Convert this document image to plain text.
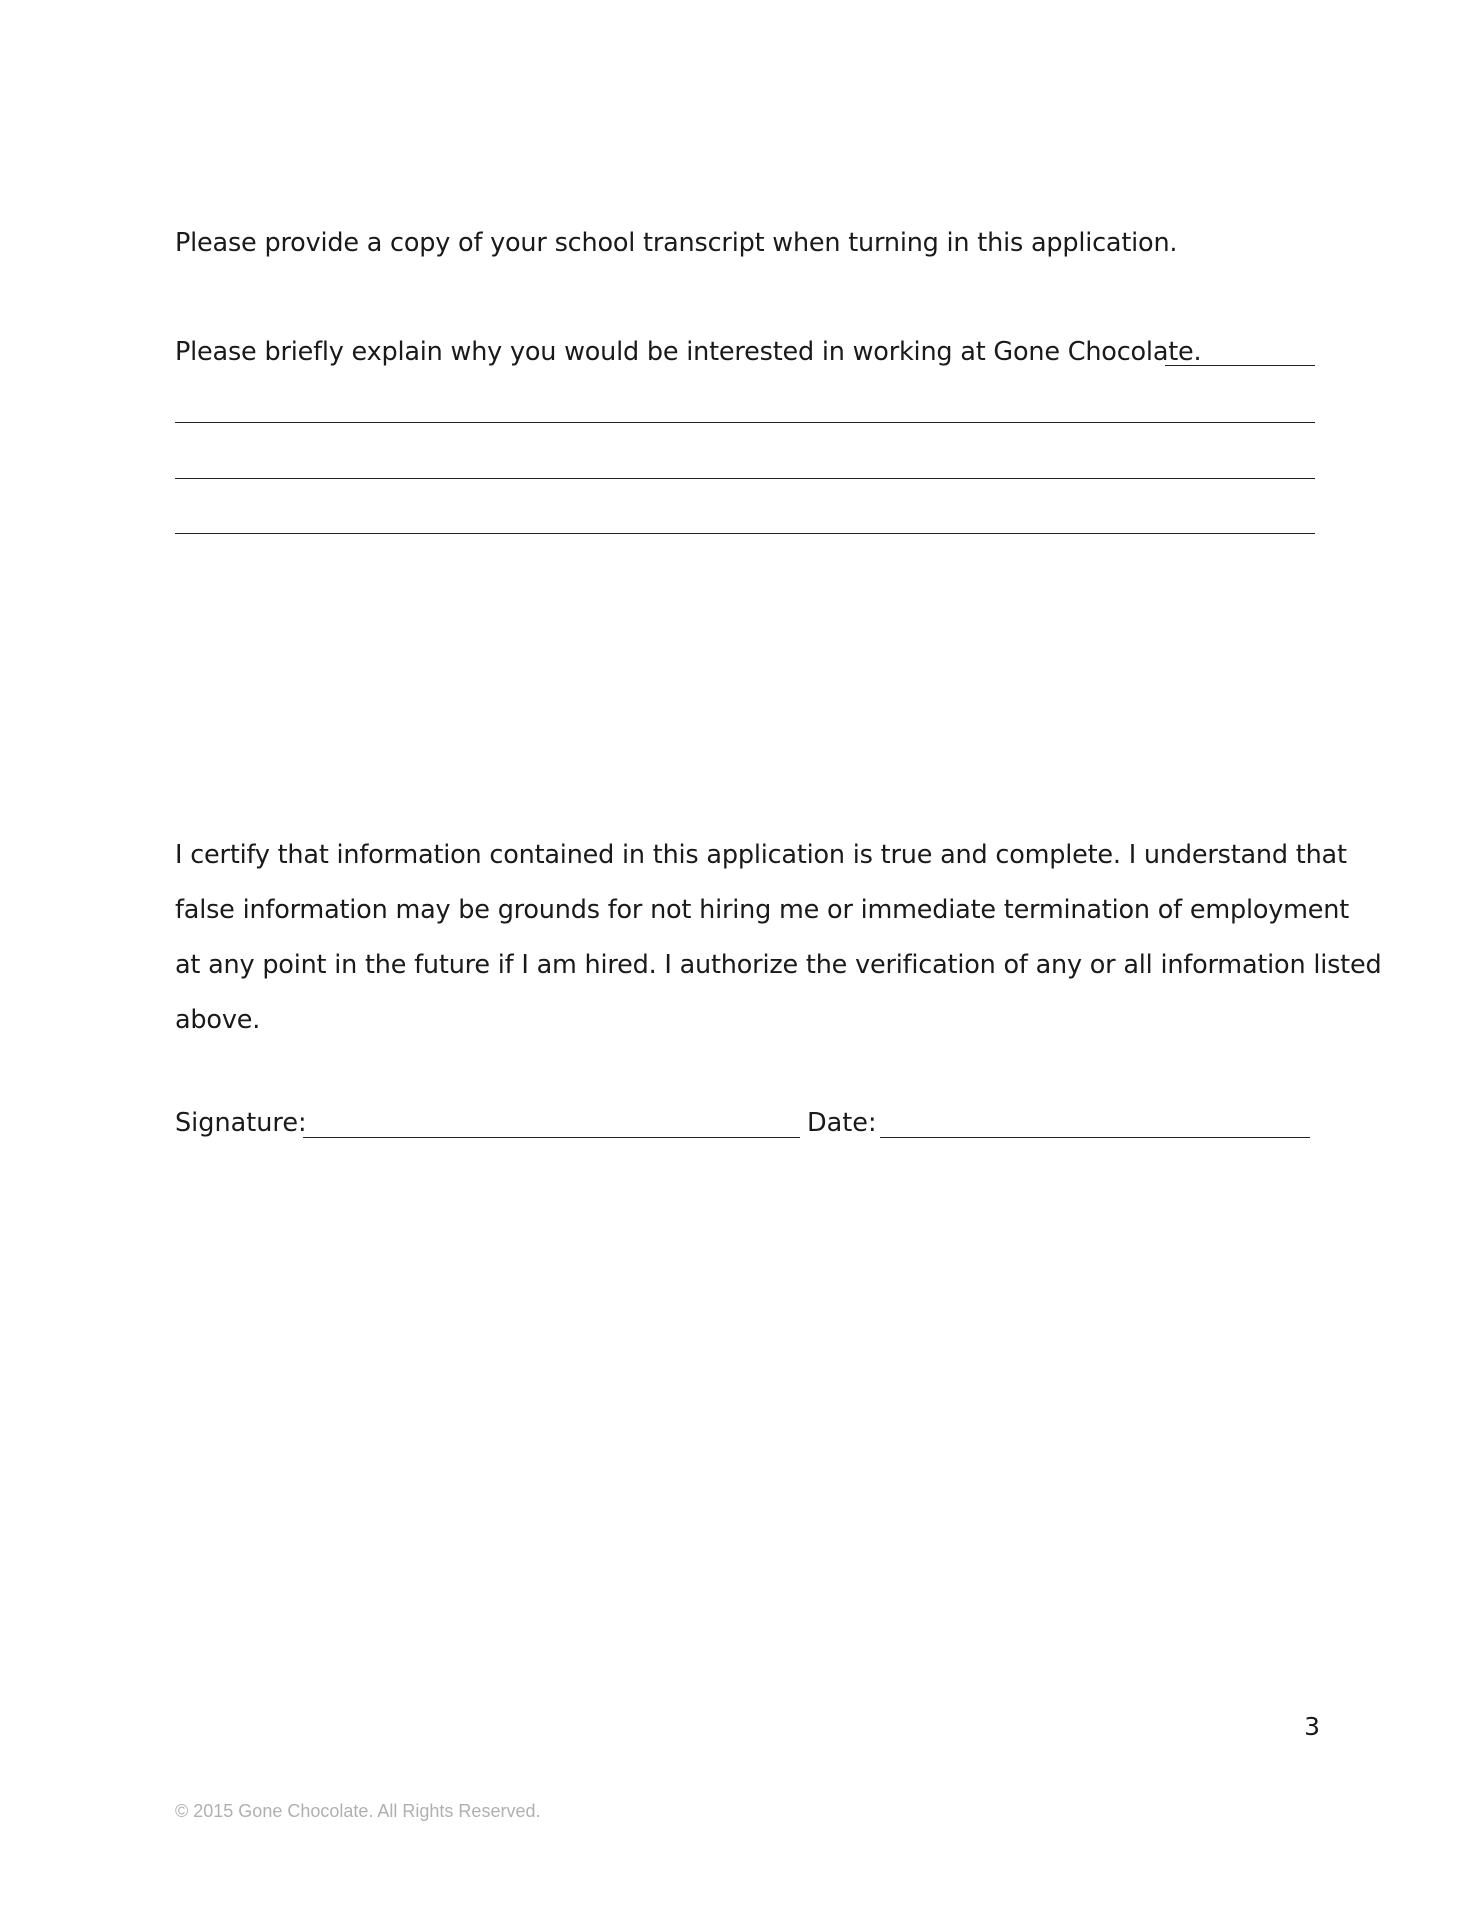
Please provide a copy of your school transcript when turning in this application.
Please briefly explain why you would be interested in working at Gone Chocolate.
I certify that information contained in this application is true and complete. I understand that
false information may be grounds for not hiring me or immediate termination of employment
at any point in the future if I am hired. I authorize the verification of any or all information listed
above.
Signature:	Date:
3
© 2015 Gone Chocolate. All Rights Reserved.
